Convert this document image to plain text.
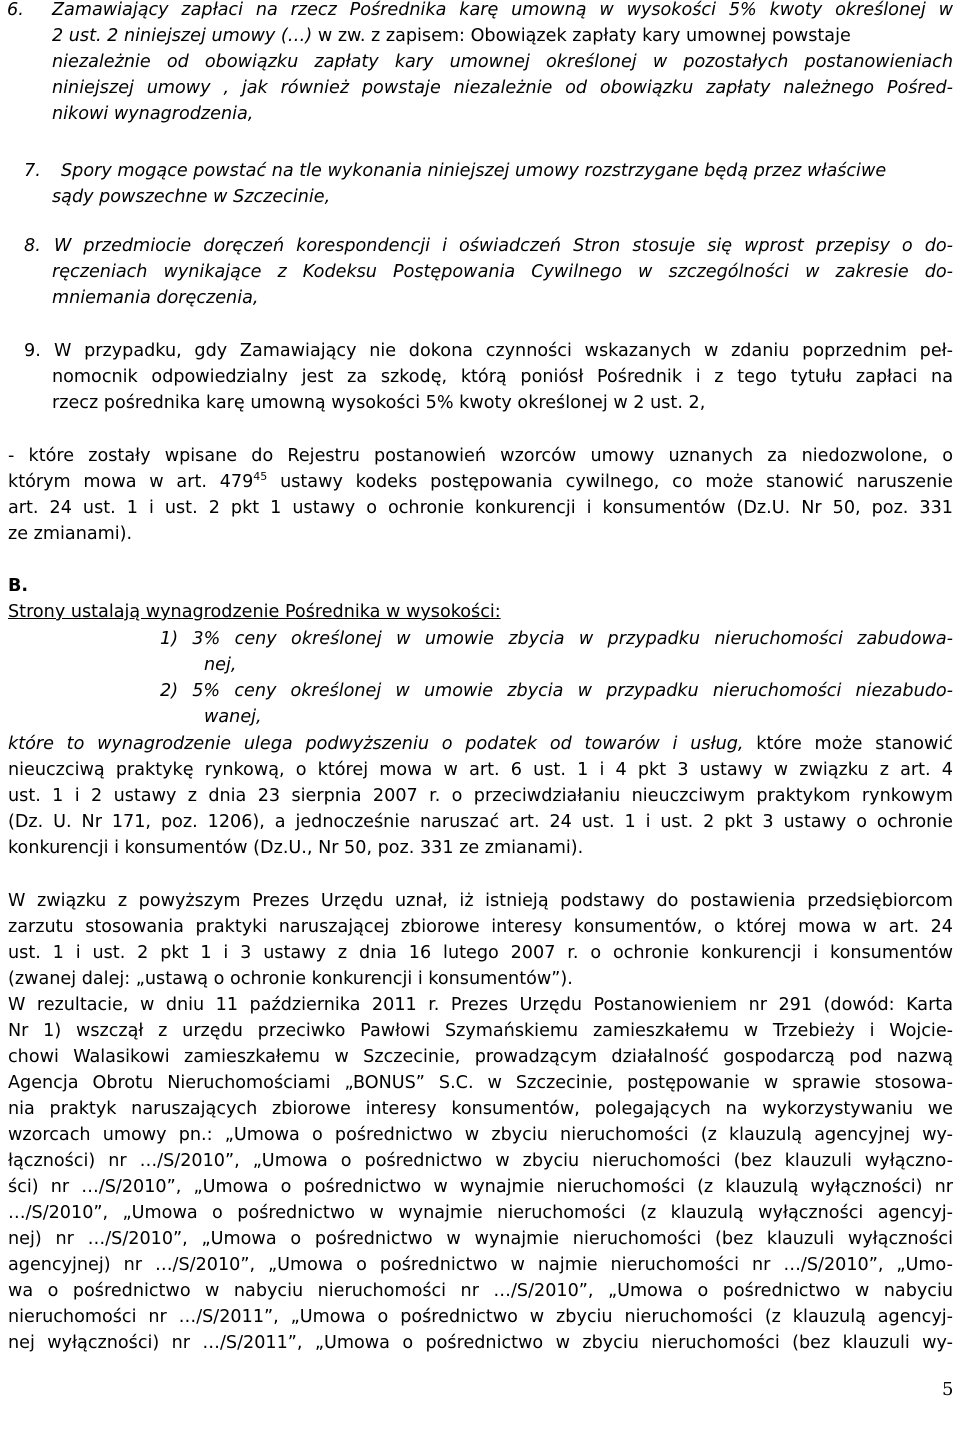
6. Zamawiający zapłaci na rzecz Pośrednika karę umowną w wysokości 5% kwoty określonej w
2 ust. 2 niniejszej umowy (…) w zw. z zapisem: Obowiązek zapłaty kary umownej powstaje
niezależnie od obowiązku zapłaty kary umownej określonej w pozostałych postanowieniach
niniejszej umowy , jak również powstaje niezależnie od obowiązku zapłaty należnego Pośred-
nikowi wynagrodzenia,
7. Spory mogące powstać na tle wykonania niniejszej umowy rozstrzygane będą przez właściwe
sądy powszechne w Szczecinie,
8. W przedmiocie doręczeń korespondencji i oświadczeń Stron stosuje się wprost przepisy o do-
ręczeniach wynikające z Kodeksu Postępowania Cywilnego w szczególności w zakresie do-
mniemania doręczenia,
9. W przypadku, gdy Zamawiający nie dokona czynności wskazanych w zdaniu poprzednim peł-
nomocnik odpowiedzialny jest za szkodę, którą poniósł Pośrednik i z tego tytułu zapłaci na
rzecz pośrednika karę umowną wysokości 5% kwoty określonej w 2 ust. 2,
- które zostały wpisane do Rejestru postanowień wzorców umowy uznanych za niedozwolone, o
którym mowa w art. $479^{45}$ ustawy kodeks postępowania cywilnego, co może stanowić naruszenie
art. 24 ust. 1 i ust. 2 pkt 1 ustawy o ochronie konkurencji i konsumentów (Dz.U. Nr 50, poz. 331
ze zmianami).
B.
Strony ustalają wynagrodzenie Pośrednika w wysokości:
1) 3% ceny określonej w umowie zbycia w przypadku nieruchomości zabudowa-
nej,
2) 5% ceny określonej w umowie zbycia w przypadku nieruchomości niezabudo-
wanej,
które to wynagrodzenie ulega podwyższeniu o podatek od towarów i usług, które może stanowić
nieuczciwą praktykę rynkową, o której mowa w art. 6 ust. 1 i 4 pkt 3 ustawy w związku z art. 4
ust. 1 i 2 ustawy z dnia 23 sierpnia 2007 r. o przeciwdziałaniu nieuczciwym praktykom rynkowym
(Dz. U. Nr 171, poz. 1206), a jednocześnie naruszać art. 24 ust. 1 i ust. 2 pkt 3 ustawy o ochronie
konkurencji i konsumentów (Dz.U., Nr 50, poz. 331 ze zmianami).
W związku z powyższym Prezes Urzędu uznał, iż istnieją podstawy do postawienia przedsiębiorcom
zarzutu stosowania praktyki naruszającej zbiorowe interesy konsumentów, o której mowa w art. 24
ust. 1 i ust. 2 pkt 1 i 3 ustawy z dnia 16 lutego 2007 r. o ochronie konkurencji i konsumentów
(zwanej dalej: „ustawą o ochronie konkurencji i konsumentów”).
W rezultacie, w dniu 11 października 2011 r. Prezes Urzędu Postanowieniem nr 291 (dowód: Karta
Nr 1) wszczął z urzędu przeciwko Pawłowi Szymańskiemu zamieszkałemu w Trzebieży i Wojcie-
chowi Walasikowi zamieszkałemu w Szczecinie, prowadzącym działalność gospodarczą pod nazwą
Agencja Obrotu Nieruchomościami „BONUS” S.C. w Szczecinie, postępowanie w sprawie stosowa-
nia praktyk naruszających zbiorowe interesy konsumentów, polegających na wykorzystywaniu we
wzorcach umowy pn.: „Umowa o pośrednictwo w zbyciu nieruchomości (z klauzulą agencyjnej wy-
łączności) nr …/S/2010”, „Umowa o pośrednictwo w zbyciu nieruchomości (bez klauzuli wyłączno-
ści) nr …/S/2010”, „Umowa o pośrednictwo w wynajmie nieruchomości (z klauzulą wyłączności) nr
…/S/2010”, „Umowa o pośrednictwo w wynajmie nieruchomości (z klauzulą wyłączności agencyj-
nej) nr …/S/2010”, „Umowa o pośrednictwo w wynajmie nieruchomości (bez klauzuli wyłączności
agencyjnej) nr …/S/2010”, „Umowa o pośrednictwo w najmie nieruchomości nr …/S/2010”, „Umo-
wa o pośrednictwo w nabyciu nieruchomości nr …/S/2010”, „Umowa o pośrednictwo w nabyciu
nieruchomości nr …/S/2011”, „Umowa o pośrednictwo w zbyciu nieruchomości (z klauzulą agencyj-
nej wyłączności) nr …/S/2011”, „Umowa o pośrednictwo w zbyciu nieruchomości (bez klauzuli wy-
5
